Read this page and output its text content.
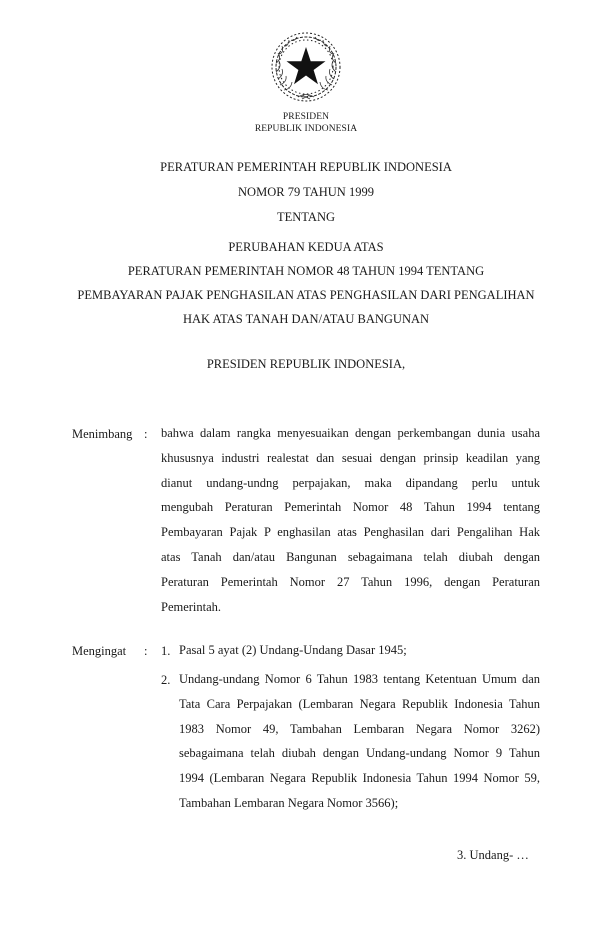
PRESIDEN
REPUBLIK INDONESIA
PERATURAN PEMERINTAH REPUBLIK INDONESIA
NOMOR 79 TAHUN 1999
TENTANG
PERUBAHAN KEDUA ATAS
PERATURAN PEMERINTAH NOMOR 48 TAHUN 1994 TENTANG
PEMBAYARAN PAJAK PENGHASILAN ATAS PENGHASILAN DARI PENGALIHAN
HAK ATAS TANAH DAN/ATAU BANGUNAN
PRESIDEN REPUBLIK INDONESIA,
Menimbang : bahwa dalam rangka menyesuaikan dengan perkembangan dunia usaha
khususnya industri realestat dan sesuai dengan prinsip keadilan yang
dianut undang-undng perpajakan, maka dipandang perlu untuk
mengubah Peraturan Pemerintah Nomor 48 Tahun 1994 tentang
Pembayaran Pajak P enghasilan atas Penghasilan dari Pengalihan Hak
atas Tanah dan/atau Bangunan sebagaimana telah diubah dengan
Peraturan Pemerintah Nomor 27 Tahun 1996, dengan Peraturan
Pemerintah.
Mengingat : 1. Pasal 5 ayat (2) Undang-Undang Dasar 1945;
2. Undang-undang Nomor 6 Tahun 1983 tentang Ketentuan Umum dan
Tata Cara Perpajakan (Lembaran Negara Republik Indonesia Tahun
1983 Nomor 49, Tambahan Lembaran Negara Nomor 3262)
sebagaimana telah diubah dengan Undang-undang Nomor 9 Tahun
1994 (Lembaran Negara Republik Indonesia Tahun 1994 Nomor 59,
Tambahan Lembaran Negara Nomor 3566);
3. Undang- …
